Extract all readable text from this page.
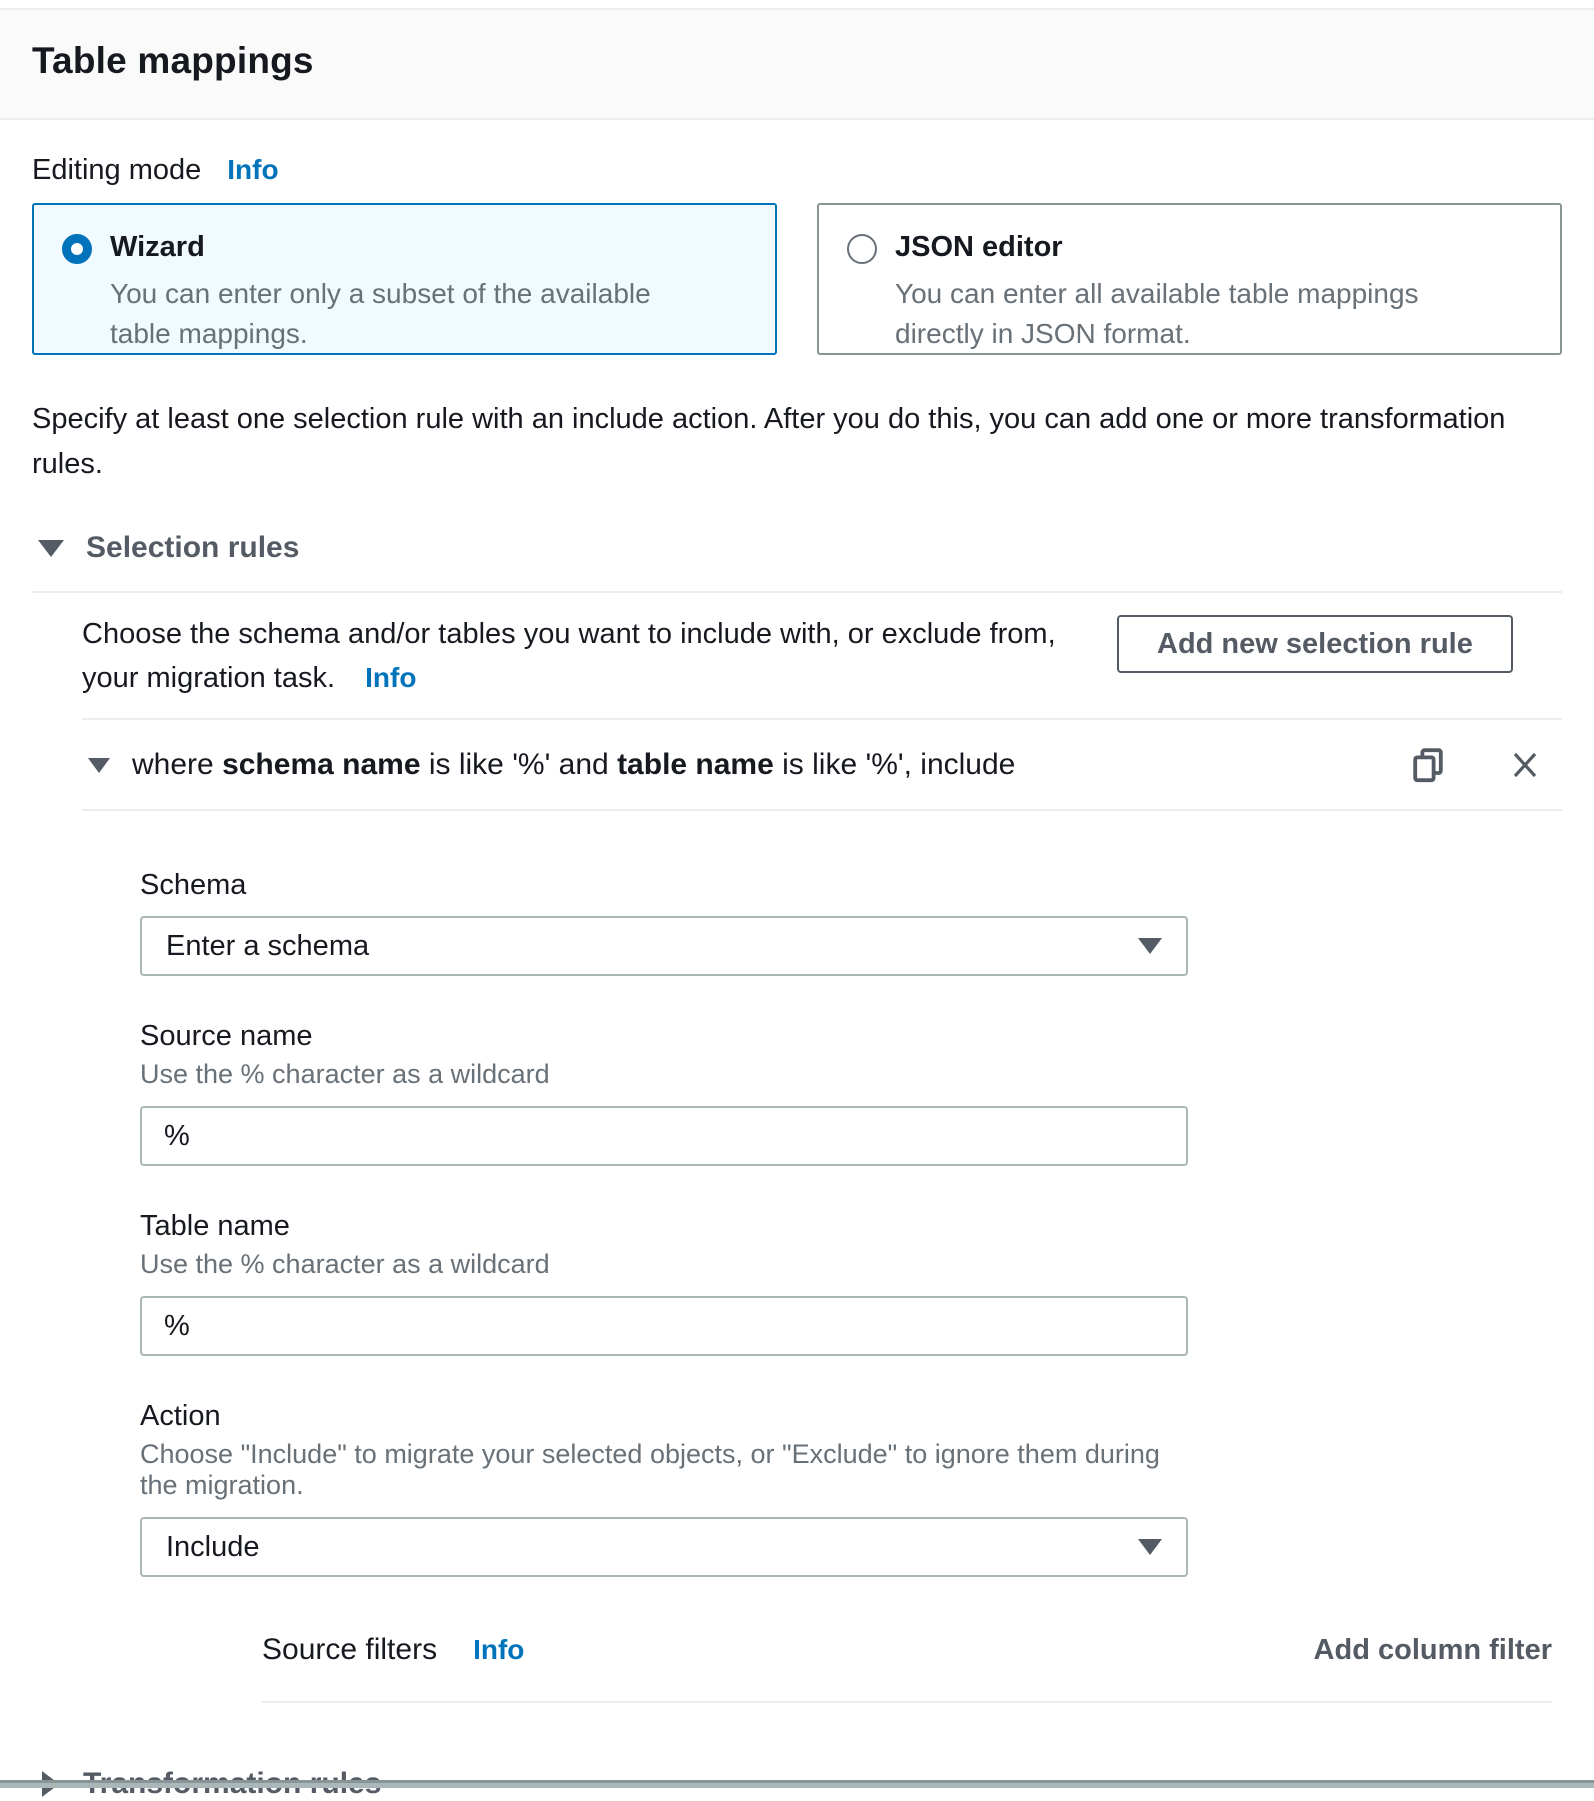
Table mappings
Editing mode Info
Wizard
You can enter only a subset of the available table mappings.
JSON editor
You can enter all available table mappings directly in JSON format.

Specify at least one selection rule with an include action. After you do this, you can add one or more transformation rules.

Selection rules
Choose the schema and/or tables you want to include with, or exclude from, your migration task. Info
Add new selection rule
where schema name is like '%' and table name is like '%', include
Schema
Enter a schema
Source name
Use the % character as a wildcard
%
Table name
Use the % character as a wildcard
%
Action
Choose "Include" to migrate your selected objects, or "Exclude" to ignore them during the migration.
Include
Source filters Info	Add column filter
